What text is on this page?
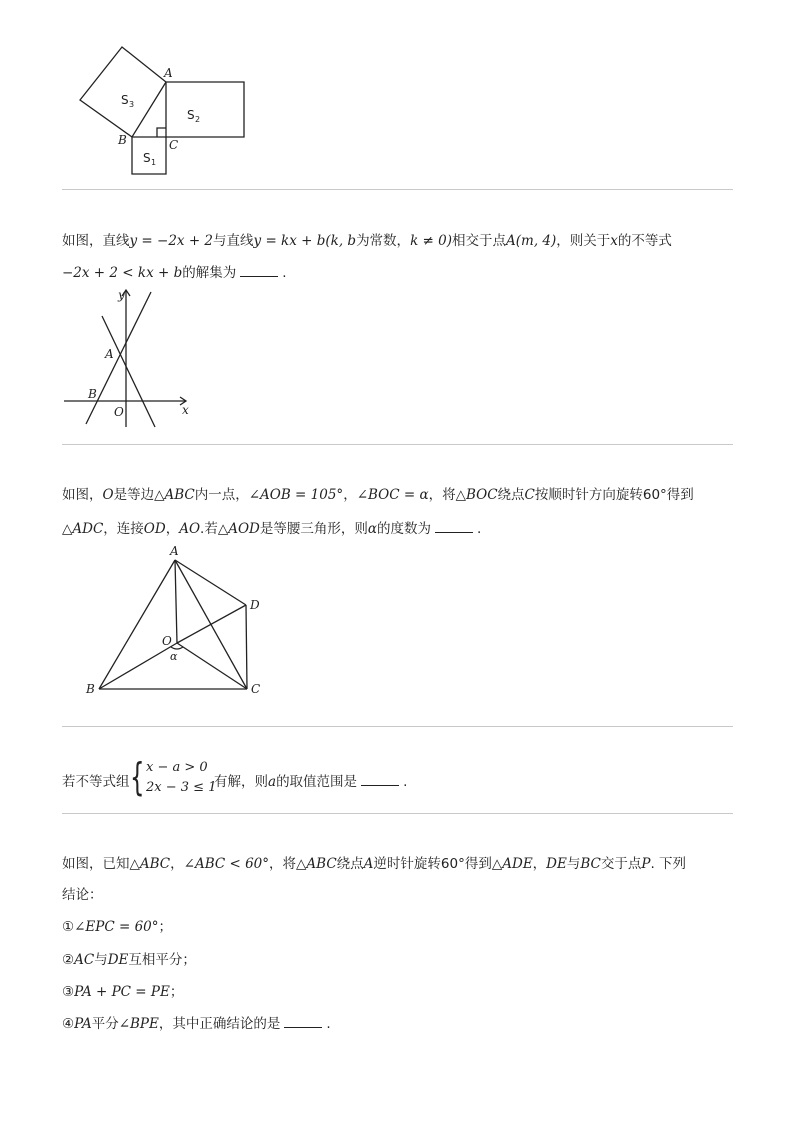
A
B	C
S 3
S 2
S 1
如图，直线y = −2x + 2与直线y = kx + b(k, b为常数，k ≠ 0)相交于点A(m, 4)，则关于x的不等式
−2x + 2 < kx + b的解集为	.
y
A
B
O	x
如图，O是等边△ABC内一点，∠AOB = 105°，∠BOC = α，将△BOC绕点C按顺时针方向旋转60°得到
△ADC，连接OD，AO.若△AOD是等腰三角形，则α的度数为	.
A
D
O
α
B	C
若不等式组 { x − a > 0
2x − 3 ≤ 1
有解，则a的取值范围是	.
如图，已知△ABC，∠ABC < 60°，将△ABC绕点A逆时针旋转60°得到△ADE，DE与BC交于点P. 下列
结论：
①∠EPC = 60°；
②AC与DE互相平分；
③PA + PC = PE；
④PA平分∠BPE，其中正确结论的是	.
